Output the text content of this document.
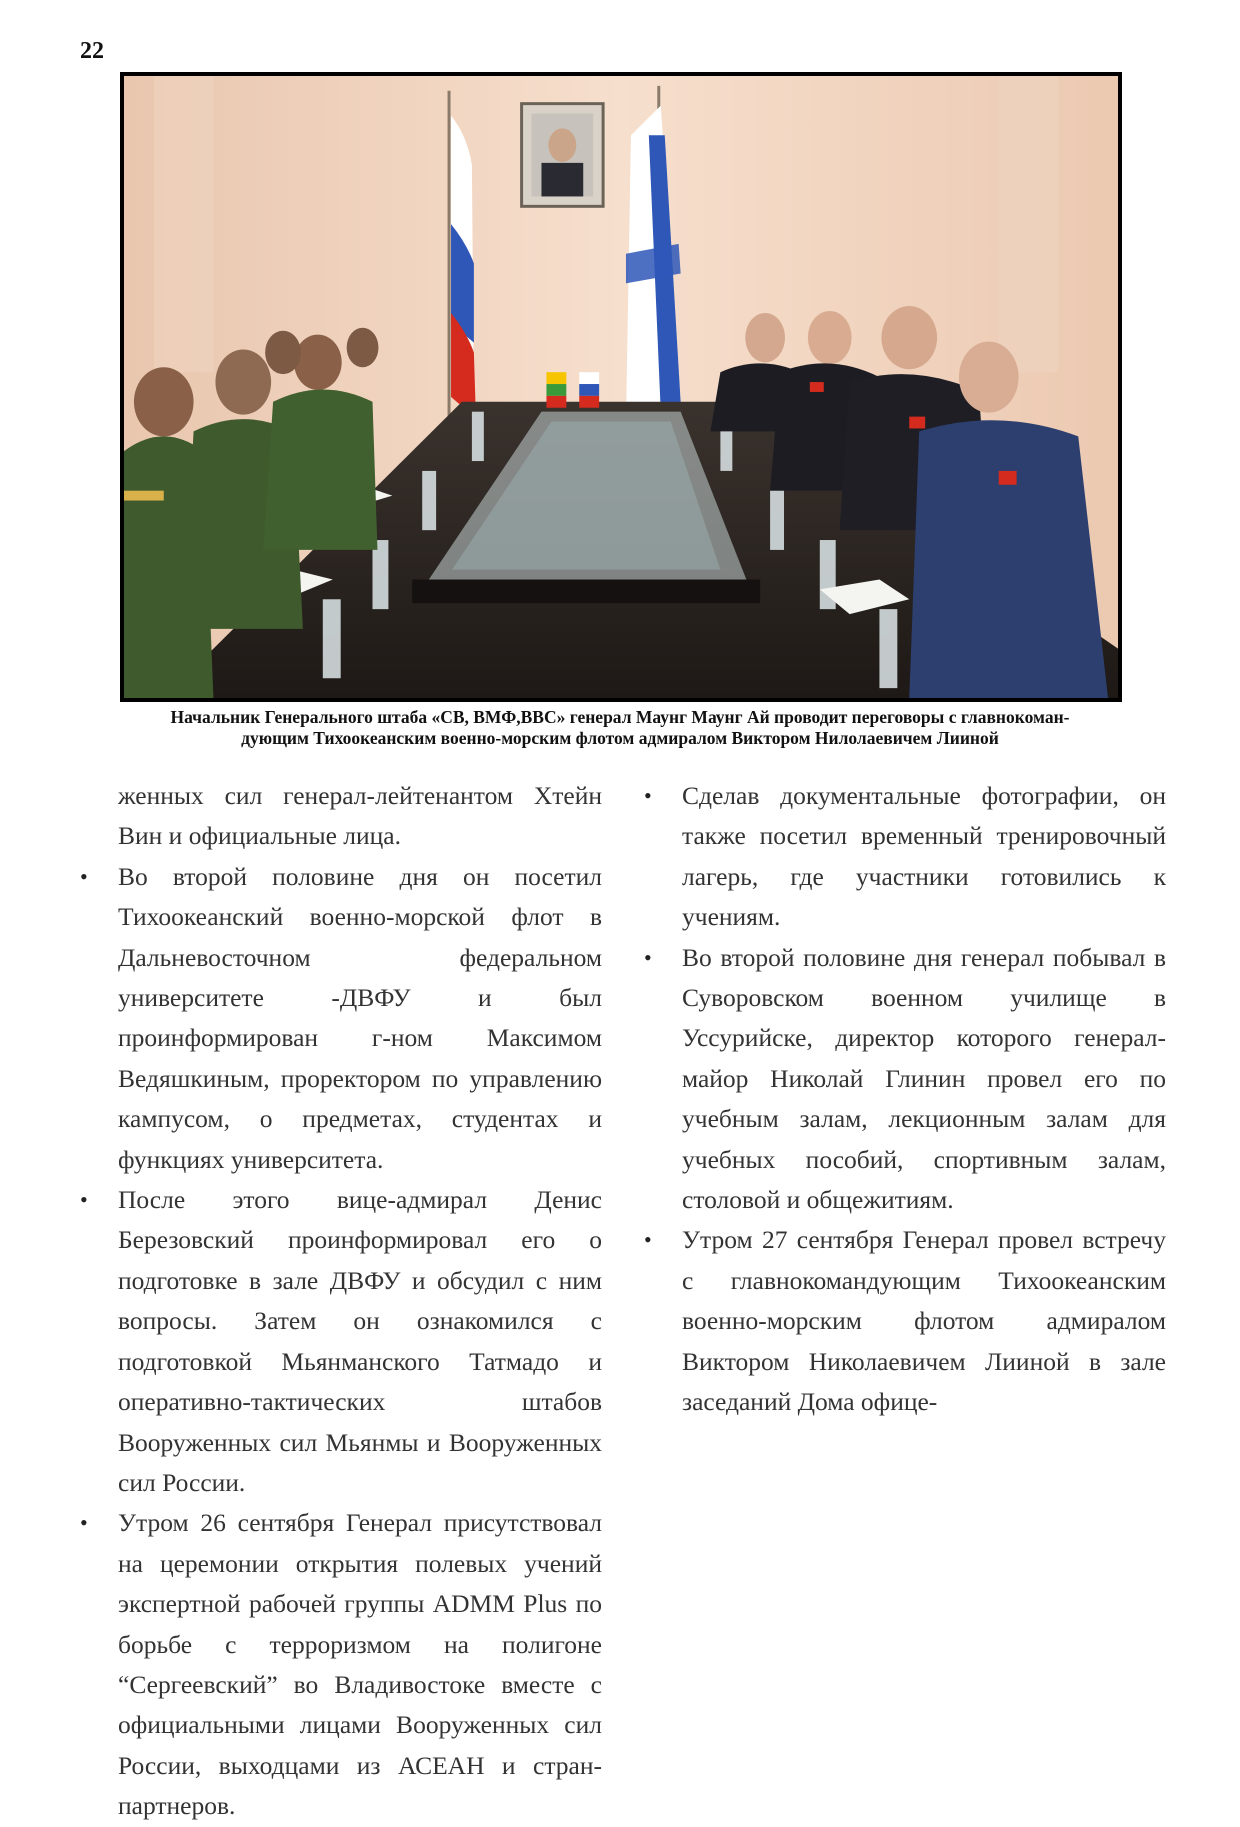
22
Начальник Генерального штаба «СВ, ВМФ,ВВС» генерал Маунг Маунг Ай проводит переговоры с главнокоман-
дующим Тихоокеанским военно-морским флотом адмиралом Виктором Нилолаевичем Лииной

женных сил генерал-лейтенантом Хтейн Вин и официальные лица.

• Во второй половине дня он посетил Тихоокеанский военно-морской флот в Дальневосточном федеральном университете -ДВФУ и был проинформирован г-ном Максимом Ведяшкиным, проректором по управлению кампусом, о предметах, студентах и функциях университета.
• После этого вице-адмирал Денис Березовский проинформировал его о подготовке в зале ДВФУ и обсудил с ним вопросы. Затем он ознакомился с подготовкой Мьянманского Татмадо и оперативно-тактических штабов Вооруженных сил Мьянмы и Вооруженных сил России.
• Утром 26 сентября Генерал присутствовал на церемонии открытия полевых учений экспертной рабочей группы ADMM Plus по борьбе с терроризмом на полигоне “Сергеевский” во Владивостоке вместе с официальными лицами Вооруженных сил России, выходцами из АСЕАН и стран-партнеров.
• Сделав документальные фотографии, он также посетил временный тренировочный лагерь, где участники готовились к учениям.
• Во второй половине дня генерал побывал в Суворовском военном училище в Уссурийске, директор которого генерал-майор Николай Глинин провел его по учебным залам, лекционным залам для учебных пособий, спортивным залам, столовой и общежитиям.
• Утром 27 сентября Генерал провел встречу с главнокомандующим Тихоокеанским военно-морским флотом адмиралом Виктором Николаевичем Лииной в зале заседаний Дома офице-
